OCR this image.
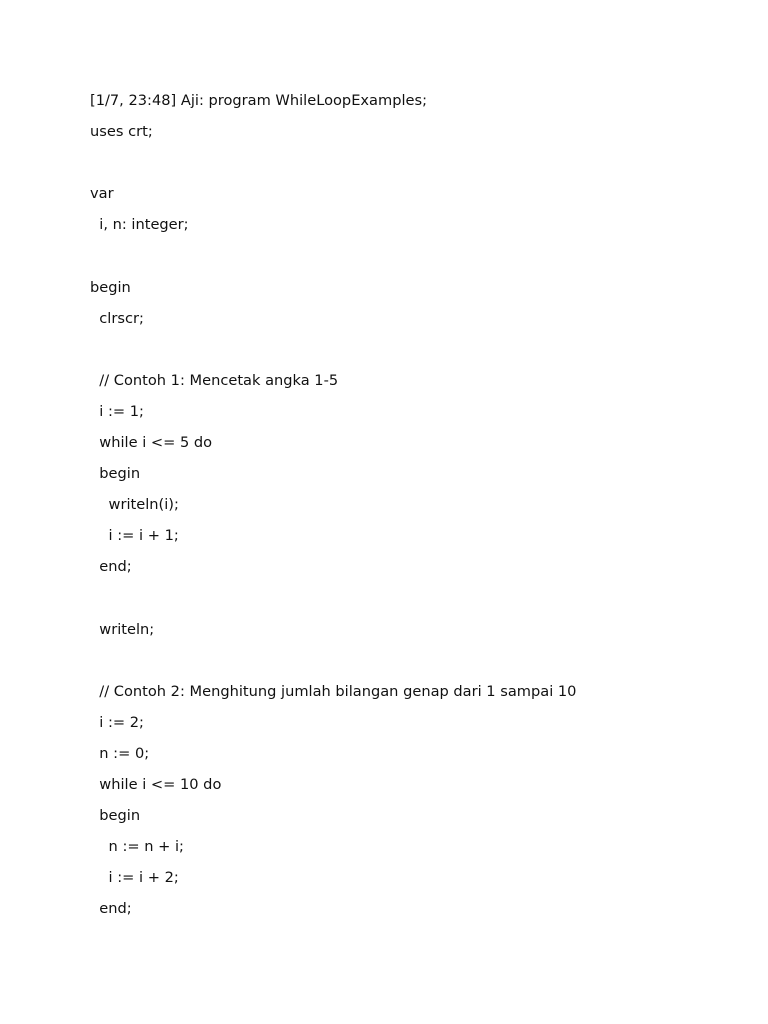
[1/7, 23:48] Aji: program WhileLoopExamples;

uses crt;

var

i, n: integer;

begin

clrscr;

// Contoh 1: Mencetak angka 1-5

i := 1;

while i <= 5 do

begin

writeln(i);

i := i + 1;

end;

writeln;

// Contoh 2: Menghitung jumlah bilangan genap dari 1 sampai 10

i := 2;

n := 0;

while i <= 10 do

begin

n := n + i;

i := i + 2;

end;
